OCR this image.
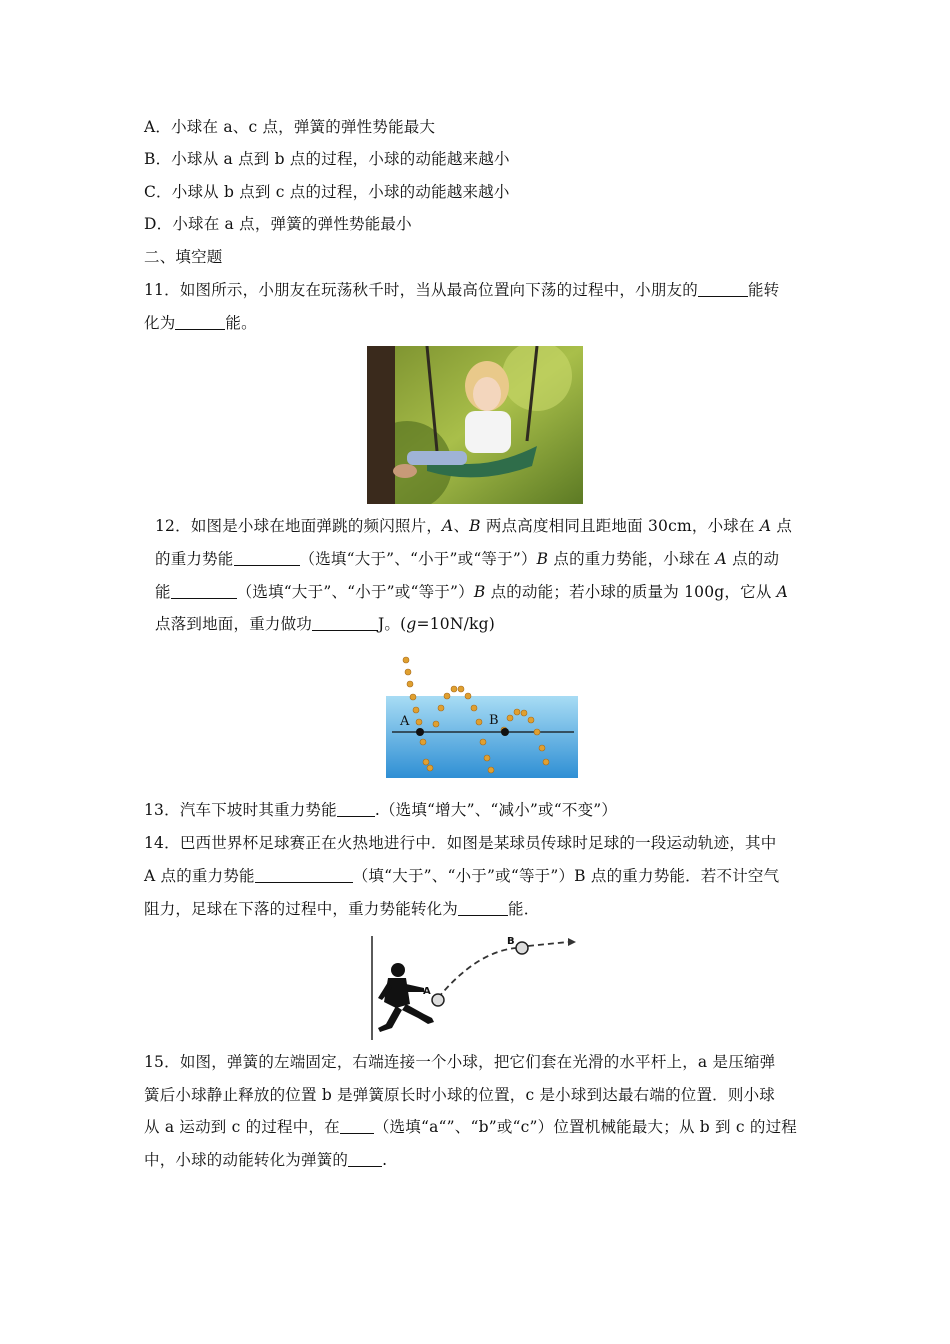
A．小球在 a、c 点，弹簧的弹性势能最大
B．小球从 a 点到 b 点的过程，小球的动能越来越小
C．小球从 b 点到 c 点的过程，小球的动能越来越小
D．小球在 a 点，弹簧的弹性势能最小
二、填空题
11．如图所示，小朋友在玩荡秋千时，当从最高位置向下荡的过程中，小朋友的	能转
化为	能。
12．如图是小球在地面弹跳的频闪照片，A、B 两点高度相同且距地面 30cm，小球在 A 点
的重力势能	（选填“大于”、“小于”或“等于”）B 点的重力势能，小球在 A 点的动
能	（选填“大于”、“小于”或“等于”）B 点的动能；若小球的质量为 100g，它从 A
点落到地面，重力做功	J。(g=10N/kg)
A	B
13．汽车下坡时其重力势能 .（选填“增大”、“减小”或“不变”）
14．巴西世界杯足球赛正在火热地进行中．如图是某球员传球时足球的一段运动轨迹，其中
A 点的重力势能	（填“大于”、“小于”或“等于”）B 点的重力势能．若不计空气
阻力，足球在下落的过程中，重力势能转化为	能．
A
B
15．如图，弹簧的左端固定，右端连接一个小球，把它们套在光滑的水平杆上，a 是压缩弹
簧后小球静止释放的位置 b 是弹簧原长时小球的位置，c 是小球到达最右端的位置．则小球
从 a 运动到 c 的过程中，在 （选填“a“”、“b”或“c”）位置机械能最大；从 b 到 c 的过程
中，小球的动能转化为弹簧的 .
